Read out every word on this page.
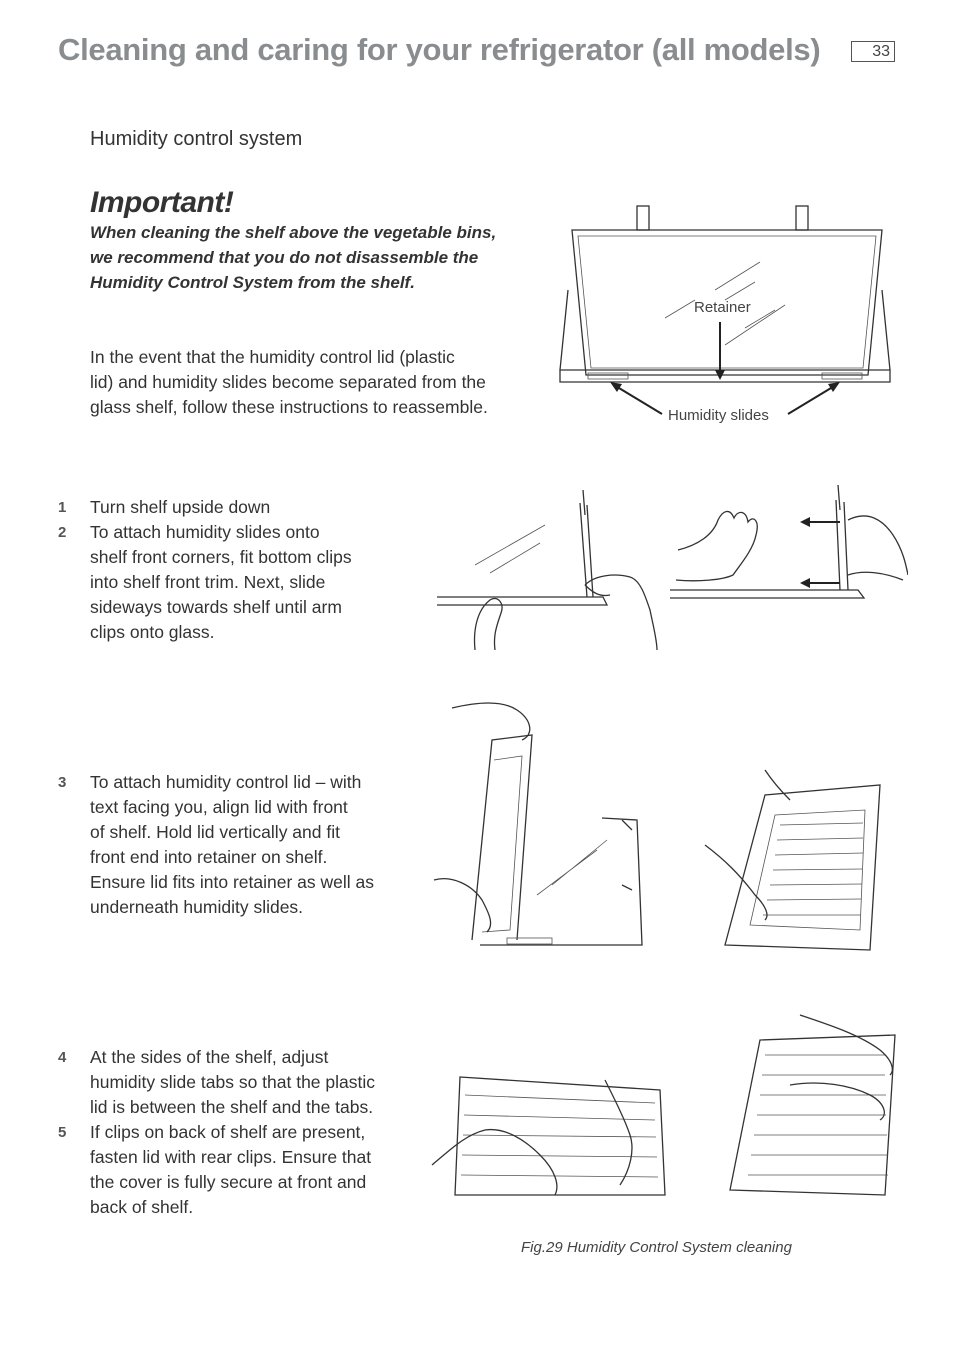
Cleaning and caring for your refrigerator (all models)	33
Humidity control system
Important!
When cleaning the shelf above the vegetable bins,
we recommend that you do not disassemble the
Humidity Control System from the shelf.
In the event that the humidity control lid (plastic
lid) and humidity slides become separated from the
glass shelf, follow these instructions to reassemble.
1 Turn shelf upside down
2 To attach humidity slides onto
shelf front corners, fit bottom clips
into shelf front trim. Next, slide
sideways towards shelf until arm
clips onto glass.
3 To attach humidity control lid – with
text facing you, align lid with front
of shelf. Hold lid vertically and fit
front end into retainer on shelf.
Ensure lid fits into retainer as well as
underneath humidity slides.
4 At the sides of the shelf, adjust
humidity slide tabs so that the plastic
lid is between the shelf and the tabs.
5 If clips on back of shelf are present,
fasten lid with rear clips. Ensure that
the cover is fully secure at front and
back of shelf.
Retainer
Humidity slides
Fig.29 Humidity Control System cleaning
